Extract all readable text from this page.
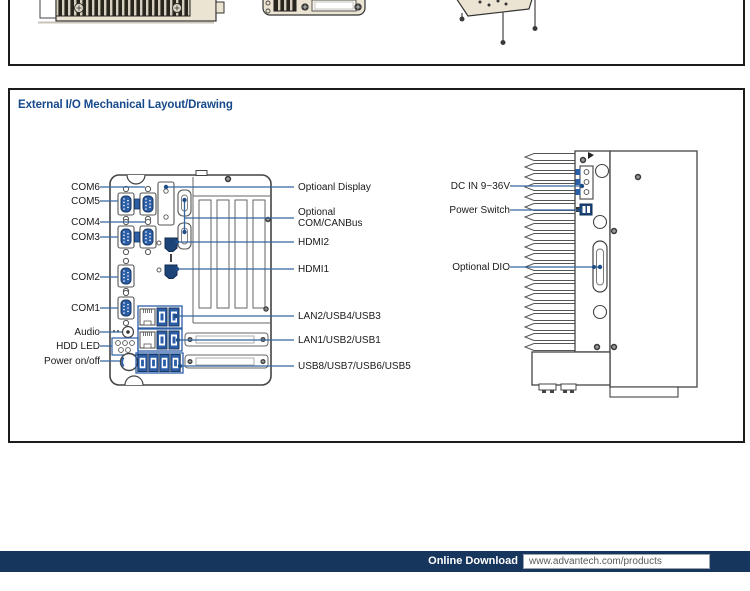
External I/O Mechanical Layout/Drawing
COM6
COM5
COM4
COM3
COM2
COM1
Audio
HDD LED
Power on/off
Optioanl Display
Optional COM/CANBus
HDMI2
HDMI1
LAN2/USB4/USB3
LAN1/USB2/USB1
USB8/USB7/USB6/USB5
DC IN 9~36V
Power Switch
Optional DIO
Online Download	www.advantech.com/products
